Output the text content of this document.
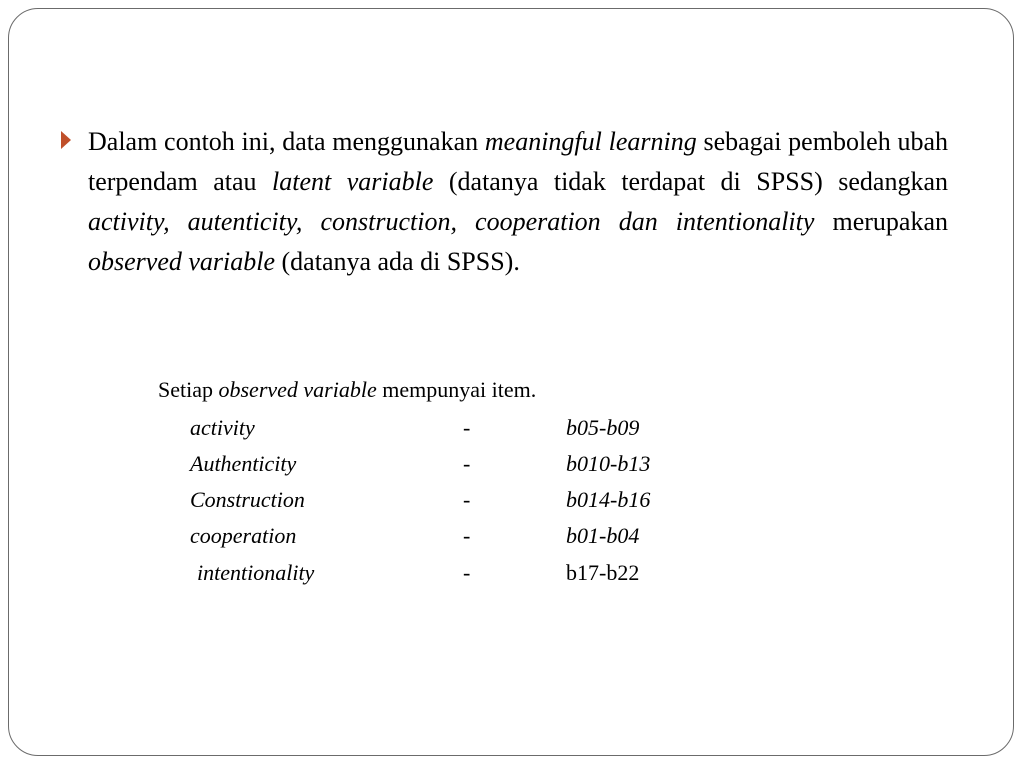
Dalam contoh ini, data menggunakan meaningful learning sebagai pemboleh ubah terpendam atau latent variable (datanya tidak terdapat di SPSS) sedangkan activity, autenticity, construction, cooperation dan intentionality merupakan observed variable (datanya ada di SPSS).
Setiap observed variable mempunyai item.
activity	-	b05-b09
Authenticity	-	b010-b13
Construction	-	b014-b16
cooperation	-	b01-b04
intentionality	-	b17-b22
